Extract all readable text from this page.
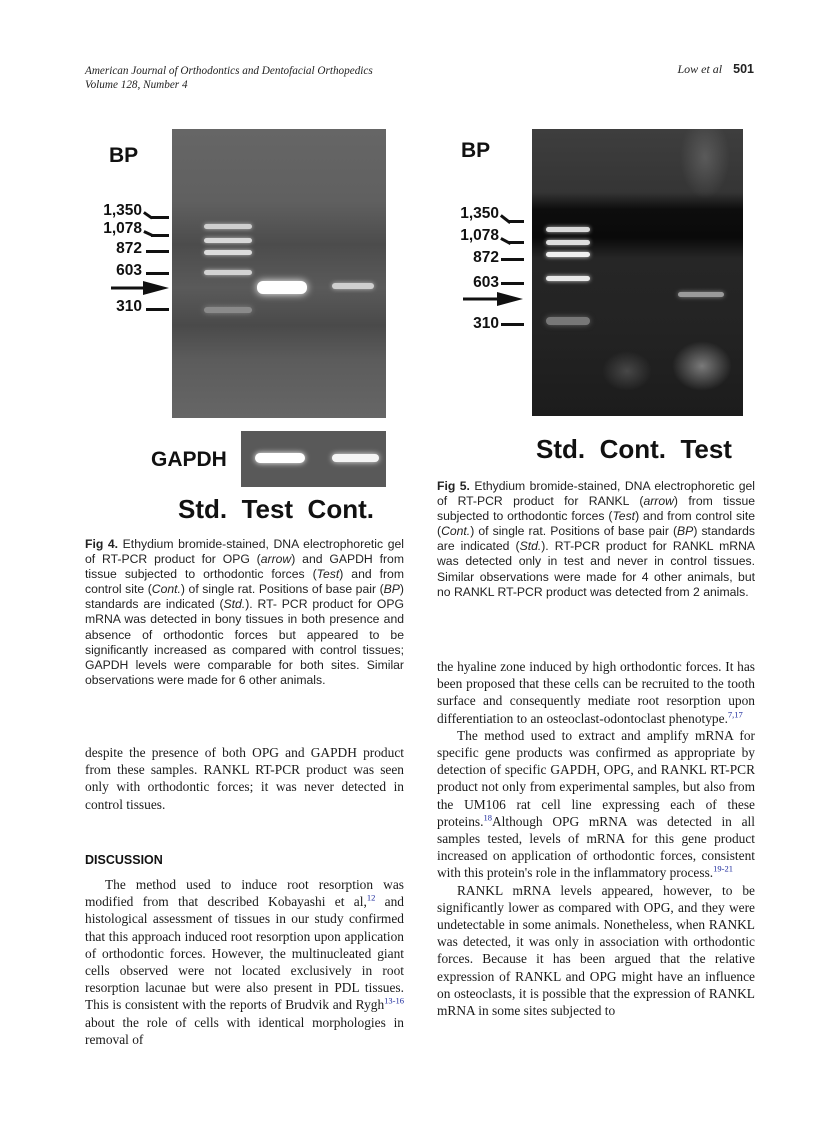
American Journal of Orthodontics and Dentofacial Orthopedics
Volume 128, Number 4
Low et al 501
BP
1,350
1,078
872
603
310
GAPDH
Std. Test Cont.
Fig 4. Ethydium bromide-stained, DNA electrophoretic gel of RT-PCR product for OPG (arrow) and GAPDH from tissue subjected to orthodontic forces (Test) and from control site (Cont.) of single rat. Positions of base pair (BP) standards are indicated (Std.). RT- PCR product for OPG mRNA was detected in bony tissues in both presence and absence of orthodontic forces but appeared to be significantly increased as compared with control tissues; GAPDH levels were comparable for both sites. Similar observations were made for 6 other animals.
BP
1,350
1,078
872
603
310
Std. Cont. Test
Fig 5. Ethydium bromide-stained, DNA electrophoretic gel of RT-PCR product for RANKL (arrow) from tissue subjected to orthodontic forces (Test) and from control site (Cont.) of single rat. Positions of base pair (BP) standards are indicated (Std.). RT-PCR product for RANKL mRNA was detected only in test and never in control tissues. Similar observations were made for 4 other animals, but no RANKL RT-PCR product was detected from 2 animals.

despite the presence of both OPG and GAPDH product from these samples. RANKL RT-PCR product was seen only with orthodontic forces; it was never detected in control tissues.

DISCUSSION

The method used to induce root resorption was modified from that described Kobayashi et al,$^{12}$ and histological assessment of tissues in our study confirmed that this approach induced root resorption upon application of orthodontic forces. However, the multinucleated giant cells observed were not located exclusively in root resorption lacunae but were also present in PDL tissues. This is consistent with the reports of Brudvik and Rygh$^{13-16}$ about the role of cells with identical morphologies in removal of

the hyaline zone induced by high orthodontic forces. It has been proposed that these cells can be recruited to the tooth surface and consequently mediate root resorption upon differentiation to an osteoclast-odontoclast phenotype.$^{7,17}$

The method used to extract and amplify mRNA for specific gene products was confirmed as appropriate by detection of specific GAPDH, OPG, and RANKL RT-PCR product not only from experimental samples, but also from the UM106 rat cell line expressing each of these proteins.$^{18}$Although OPG mRNA was detected in all samples tested, levels of mRNA for this gene product increased on application of orthodontic forces, consistent with this protein's role in the inflammatory process.$^{19-21}$

RANKL mRNA levels appeared, however, to be significantly lower as compared with OPG, and they were undetectable in some animals. Nonetheless, when RANKL was detected, it was only in association with orthodontic forces. Because it has been argued that the relative expression of RANKL and OPG might have an influence on osteoclasts, it is possible that the expression of RANKL mRNA in some sites subjected to
